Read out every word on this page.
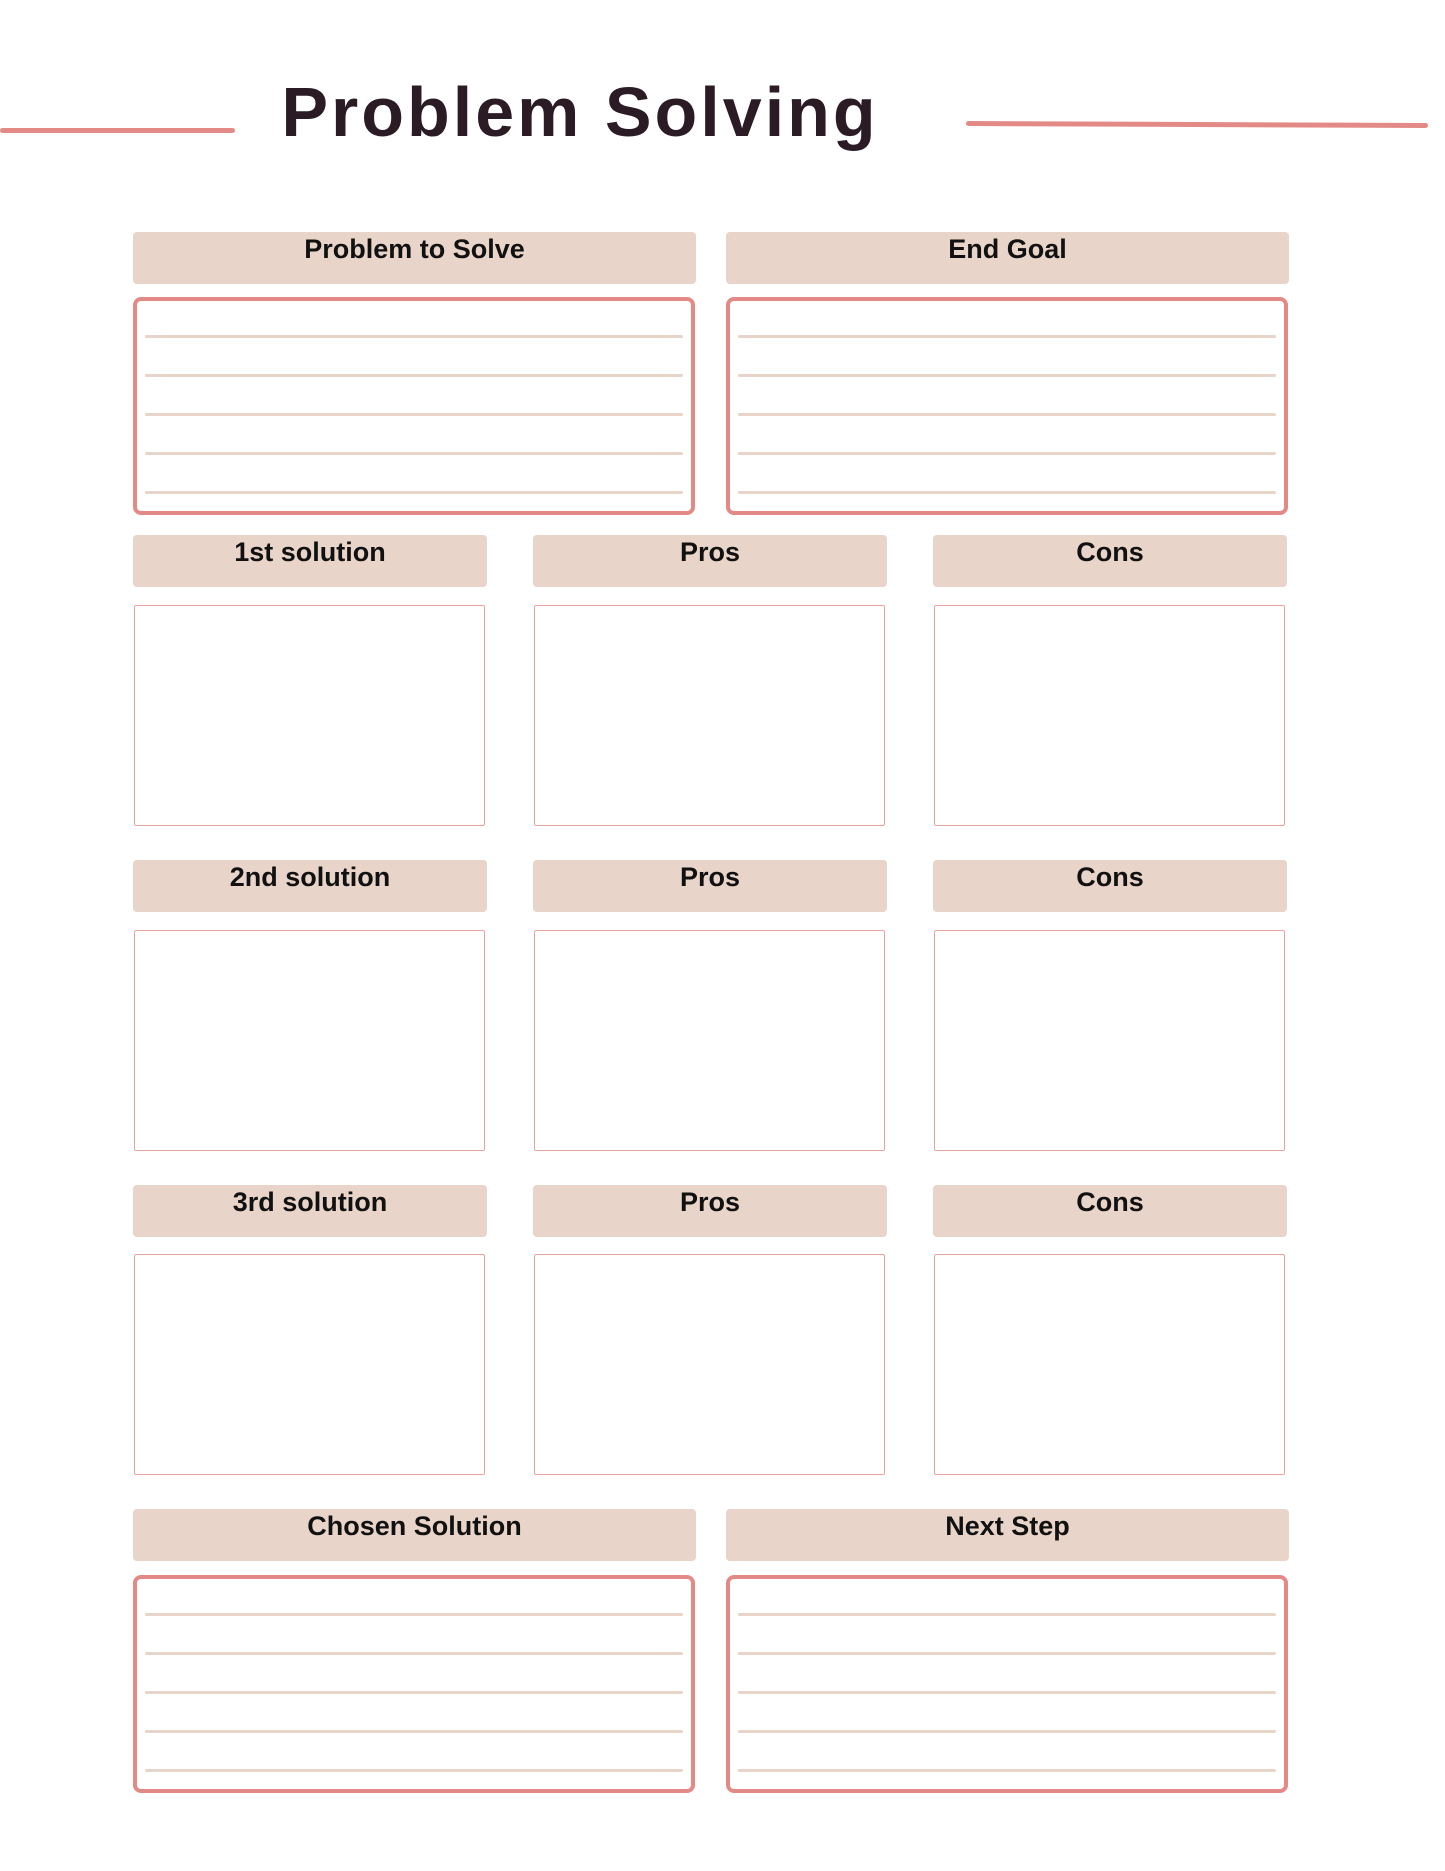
Problem Solving
Problem to Solve	End Goal
1st solution	Pros	Cons
2nd solution	Pros	Cons
3rd solution	Pros	Cons
Chosen Solution	Next Step
